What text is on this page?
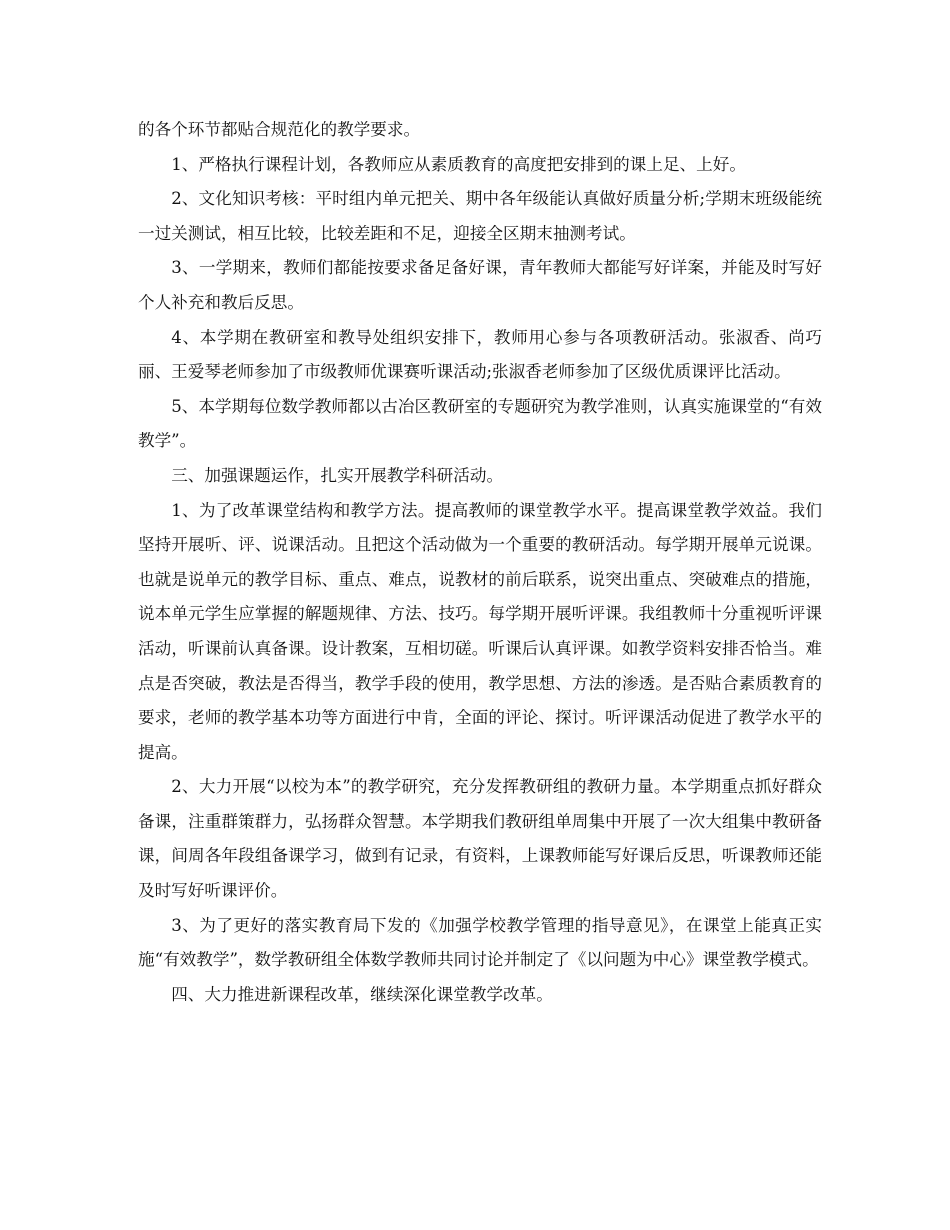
的各个环节都贴合规范化的教学要求。

1、严格执行课程计划，各教师应从素质教育的高度把安排到的课上足、上好。

2、文化知识考核：平时组内单元把关、期中各年级能认真做好质量分析;学期末班级能统一过关测试，相互比较，比较差距和不足，迎接全区期末抽测考试。

3、一学期来，教师们都能按要求备足备好课，青年教师大都能写好详案，并能及时写好个人补充和教后反思。

4、本学期在教研室和教导处组织安排下，教师用心参与各项教研活动。张淑香、尚巧丽、王爱琴老师参加了市级教师优课赛听课活动;张淑香老师参加了区级优质课评比活动。

5、本学期每位数学教师都以古冶区教研室的专题研究为教学准则，认真实施课堂的“有效教学”。

三、加强课题运作，扎实开展教学科研活动。

1、为了改革课堂结构和教学方法。提高教师的课堂教学水平。提高课堂教学效益。我们坚持开展听、评、说课活动。且把这个活动做为一个重要的教研活动。每学期开展单元说课。也就是说单元的教学目标、重点、难点，说教材的前后联系，说突出重点、突破难点的措施，说本单元学生应掌握的解题规律、方法、技巧。每学期开展听评课。我组教师十分重视听评课活动，听课前认真备课。设计教案，互相切磋。听课后认真评课。如教学资料安排否恰当。难点是否突破，教法是否得当，教学手段的使用，教学思想、方法的渗透。是否贴合素质教育的要求，老师的教学基本功等方面进行中肯，全面的评论、探讨。听评课活动促进了教学水平的提高。

2、大力开展“以校为本”的教学研究，充分发挥教研组的教研力量。本学期重点抓好群众备课，注重群策群力，弘扬群众智慧。本学期我们教研组单周集中开展了一次大组集中教研备课，间周各年段组备课学习，做到有记录，有资料，上课教师能写好课后反思，听课教师还能及时写好听课评价。

3、为了更好的落实教育局下发的《加强学校教学管理的指导意见》，在课堂上能真正实施“有效教学”，数学教研组全体数学教师共同讨论并制定了《以问题为中心》课堂教学模式。

四、大力推进新课程改革，继续深化课堂教学改革。
